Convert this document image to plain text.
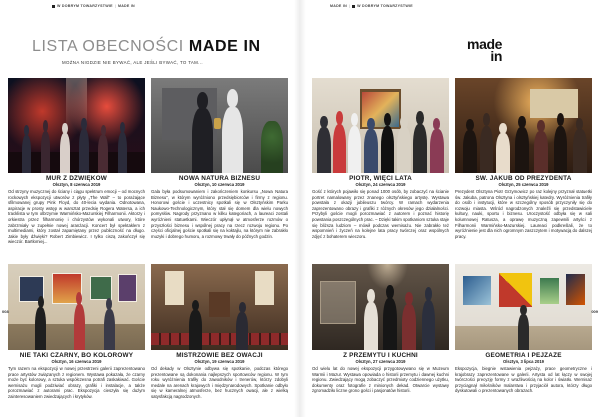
W DOBRYM TOWARZYSTWIE | MADE IN	MADE IN | W DOBRYM TOWARZYSTWIE
LISTA OBECNOŚCI MADE IN
MOŻNA NIGDZIE NIE BYWAĆ, ALE JEŚLI BYWAĆ, TO TAM...
made
in
MUR Z DŹWIĘKÓW
Olsztyn, 8 czerwca 2019
Od strzyny muzycznej do ściany i ciągu spektrum emocji – od mocnych rockowych ekspozycji utworów z płyty „The Wall” – to porażające sfilmowanej grupy Pink Floyd, do 40-lecia wydania. Odnotowana, aspiracje w prosty wstęp w warsztat przedsię Rogera Watersa, a ich tracklista w tym olbrzymie Warmińsko-Mazurskiej Filharmonii. Aktorzy i orkiestra przez filharmonię i chórzystów wykonali utwory, które zabrzmiały w zupełnie nowej aranżacji. Koncert był spektaklem z multimediami, który został zapamiętany przez publiczność na długo. Jakie były dźwięki? Robert Zimbiewicz. I tylko ciszą zakończył się wieczór. Bartłomiej...
NOWA NATURA BIZNESU
Olsztyn, 10 czerwca 2019
Gala była podsumowaniem i zakończeniem konkursu „Nowa Natura Biznesu”, w którym wyróżniono przedsiębiorców i firmy z regionu. Honorowi goście i uczestnicy spotkali się w Olsztyńskim Parku Naukowo-Technologicznym, który stał się domem dla wielu nowych pomysłów. Nagrody przyznano w kilku kategoriach, a laureaci zostali wyróżnieni statuetkami. Wieczór upłynął w atmosferze rozmów o przyszłości biznesu i wspólnej pracy na rzecz rozwoju regionu. Po części oficjalnej goście spotkali się na koktajlu, na którym nie zabrakło muzyki i dobrego humoru, a rozmowy trwały do późnych godzin.
PIOTR, WIĘCI LATA
Olsztyn, 24 czerwca 2019
Gość z których pojawiło się ponad 1000 osób, by zobaczyć na ścianie portret namalowany przez znanego olsztyńskiego artystę. Wystawa powstała z okazji jubileuszu twórcy. W ramach wydarzenia zaprezentowano obrazy i grafiki z różnych okresów jego działalności. Przybyli goście mogli porozmawiać z autorem i poznać historię powstania poszczególnych prac. – Dzięki takim spotkaniom sztuka staje się bliższa ludziom – mówił podczas wernisażu. Nie zabrakło też wspomnień i życzeń na kolejne lata pracy twórczej oraz wspólnych zdjęć z bohaterem wieczoru.
ŚW. JAKUB OD PREZYDENTA
Olsztyn, 25 czerwca 2019
Prezydent Olsztyna Piotr Grzymowicz po raz kolejny przyznał statuetki św. Jakuba, patrona Olsztyna i olsztyńskiej katedry. Wyróżnienia trafiły do osób i instytucji, które w szczególny sposób przyczyniły się do rozwoju miasta. Wśród nagrodzonych znaleźli się przedstawiciele kultury, nauki, sportu i biznesu. Uroczystość odbyła się w sali kolumnowej Ratusza, a oprawę muzyczną zapewnili artyści z Filharmonii Warmińsko-Mazurskiej. Laureaci podkreślali, że to wyróżnienie jest dla nich ogromnym zaszczytem i motywacją do dalszej pracy.
NIE TAKI CZARNY, BO KOLOROWY
Olsztyn, 16 czerwca 2019
Tym razem na ekspozycji w nowej przestrzeni galerii zaprezentowano prace artystów związanych z regionem. Wystawa pokazała, że czarny może być kolorowy, a sztuka współczesna potrafi zaskakiwać. Goście wernisażu mogli podziwiać obrazy, grafiki i instalacje, a także porozmawiać z autorami prac. Ekspozycja cieszyła się dużym zainteresowaniem zwiedzających i krytyków.
MISTRZOWIE BEZ OWACJI
Olsztyn, 19 czerwca 2019
Od dekady w Olsztynie odbywa się spotkanie, podczas którego prezentowane są dokonania najlepszych sportowców regionu. W tym roku wyróżnienia trafiły do zawodników i trenerów, którzy zdobyli medale na arenach krajowych i międzynarodowych. Spotkanie odbyło się w kameralnej atmosferze, bez hucznych owacji, ale z wielką satysfakcją nagrodzonych.
Z PRZEMYTU I KUCHNI
Olsztyn, 27 czerwca 2019
Od wielu lat do nowej ekspozycji przygotowywano się w Muzeum Warmii i Mazur. Wystawa opowiada o historii przemytu i dawnej kuchni regionu. Zwiedzający mogą zobaczyć przedmioty codziennego użytku, dokumenty oraz fotografie z minionych dekad. Otwarcie wystawy zgromadziło liczne grono gości i pasjonatów historii.
GEOMETRIA I PEJZAŻE
Olsztyn, 3 lipca 2019
Ekspozycja, biegnie wstawienia pejzaży, prace geometryczne i krajobrazy zaprezentowane w galerii. Artysta od lat łączy w swojej twórczości precyzję formy z wrażliwością na kolor i światło. Wernisaż przyciągnął miłośników malarstwa i przyjaciół autora, którzy długo dyskutowali o prezentowanych obrazach.
008	009
